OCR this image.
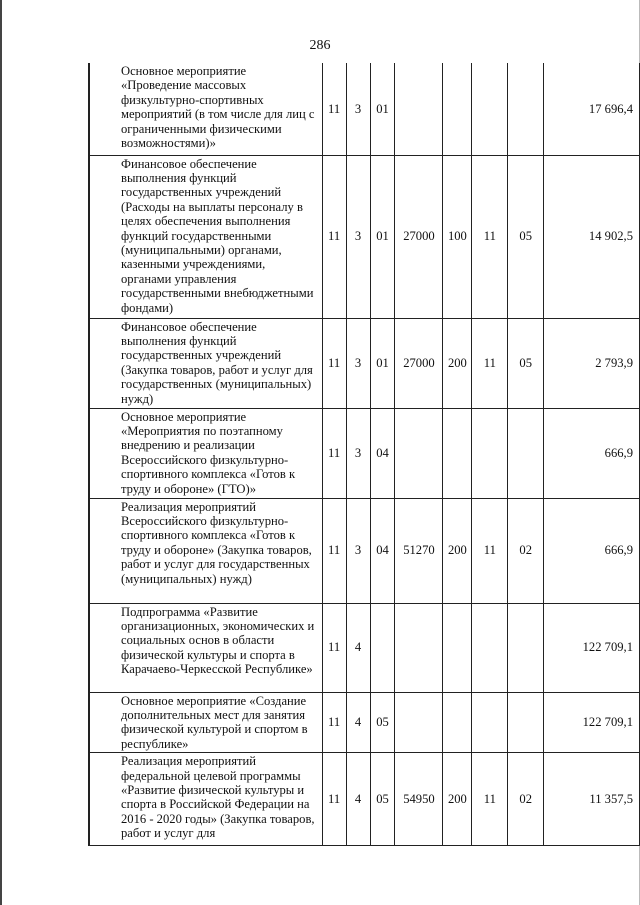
286
	Основное мероприятие «Проведение массовых физкультурно-спортивных мероприятий (в том числе для лиц с ограниченными физическими возможностями)»	11	3	01					17 696,4
	Финансовое обеспечение выполнения функций государственных учреждений (Расходы на выплаты персоналу в целях обеспечения выполнения функций государственными (муниципальными) органами, казенными учреждениями, органами управления государственными внебюджетными фондами)	11	3	01	27000	100	11	05	14 902,5
	Финансовое обеспечение выполнения функций государственных учреждений (Закупка товаров, работ и услуг для государственных (муниципальных) нужд)	11	3	01	27000	200	11	05	2 793,9
	Основное мероприятие «Мероприятия по поэтапному внедрению и реализации Всероссийского физкультурно-спортивного комплекса «Готов к труду и обороне» (ГТО)»	11	3	04					666,9
	Реализация мероприятий Всероссийского физкультурно-спортивного комплекса «Готов к труду и обороне» (Закупка товаров, работ и услуг для государственных (муниципальных) нужд)	11	3	04	51270	200	11	02	666,9
	Подпрограмма «Развитие организационных, экономических и социальных основ в области физической культуры и спорта в Карачаево-Черкесской Республике»	11	4						122 709,1
	Основное мероприятие «Создание дополнительных мест для занятия физической культурой и спортом в республике»	11	4	05					122 709,1
	Реализация мероприятий федеральной целевой программы «Развитие физической культуры и спорта в Российской Федерации на 2016 - 2020 годы» (Закупка товаров, работ и услуг для	11	4	05	54950	200	11	02	11 357,5
